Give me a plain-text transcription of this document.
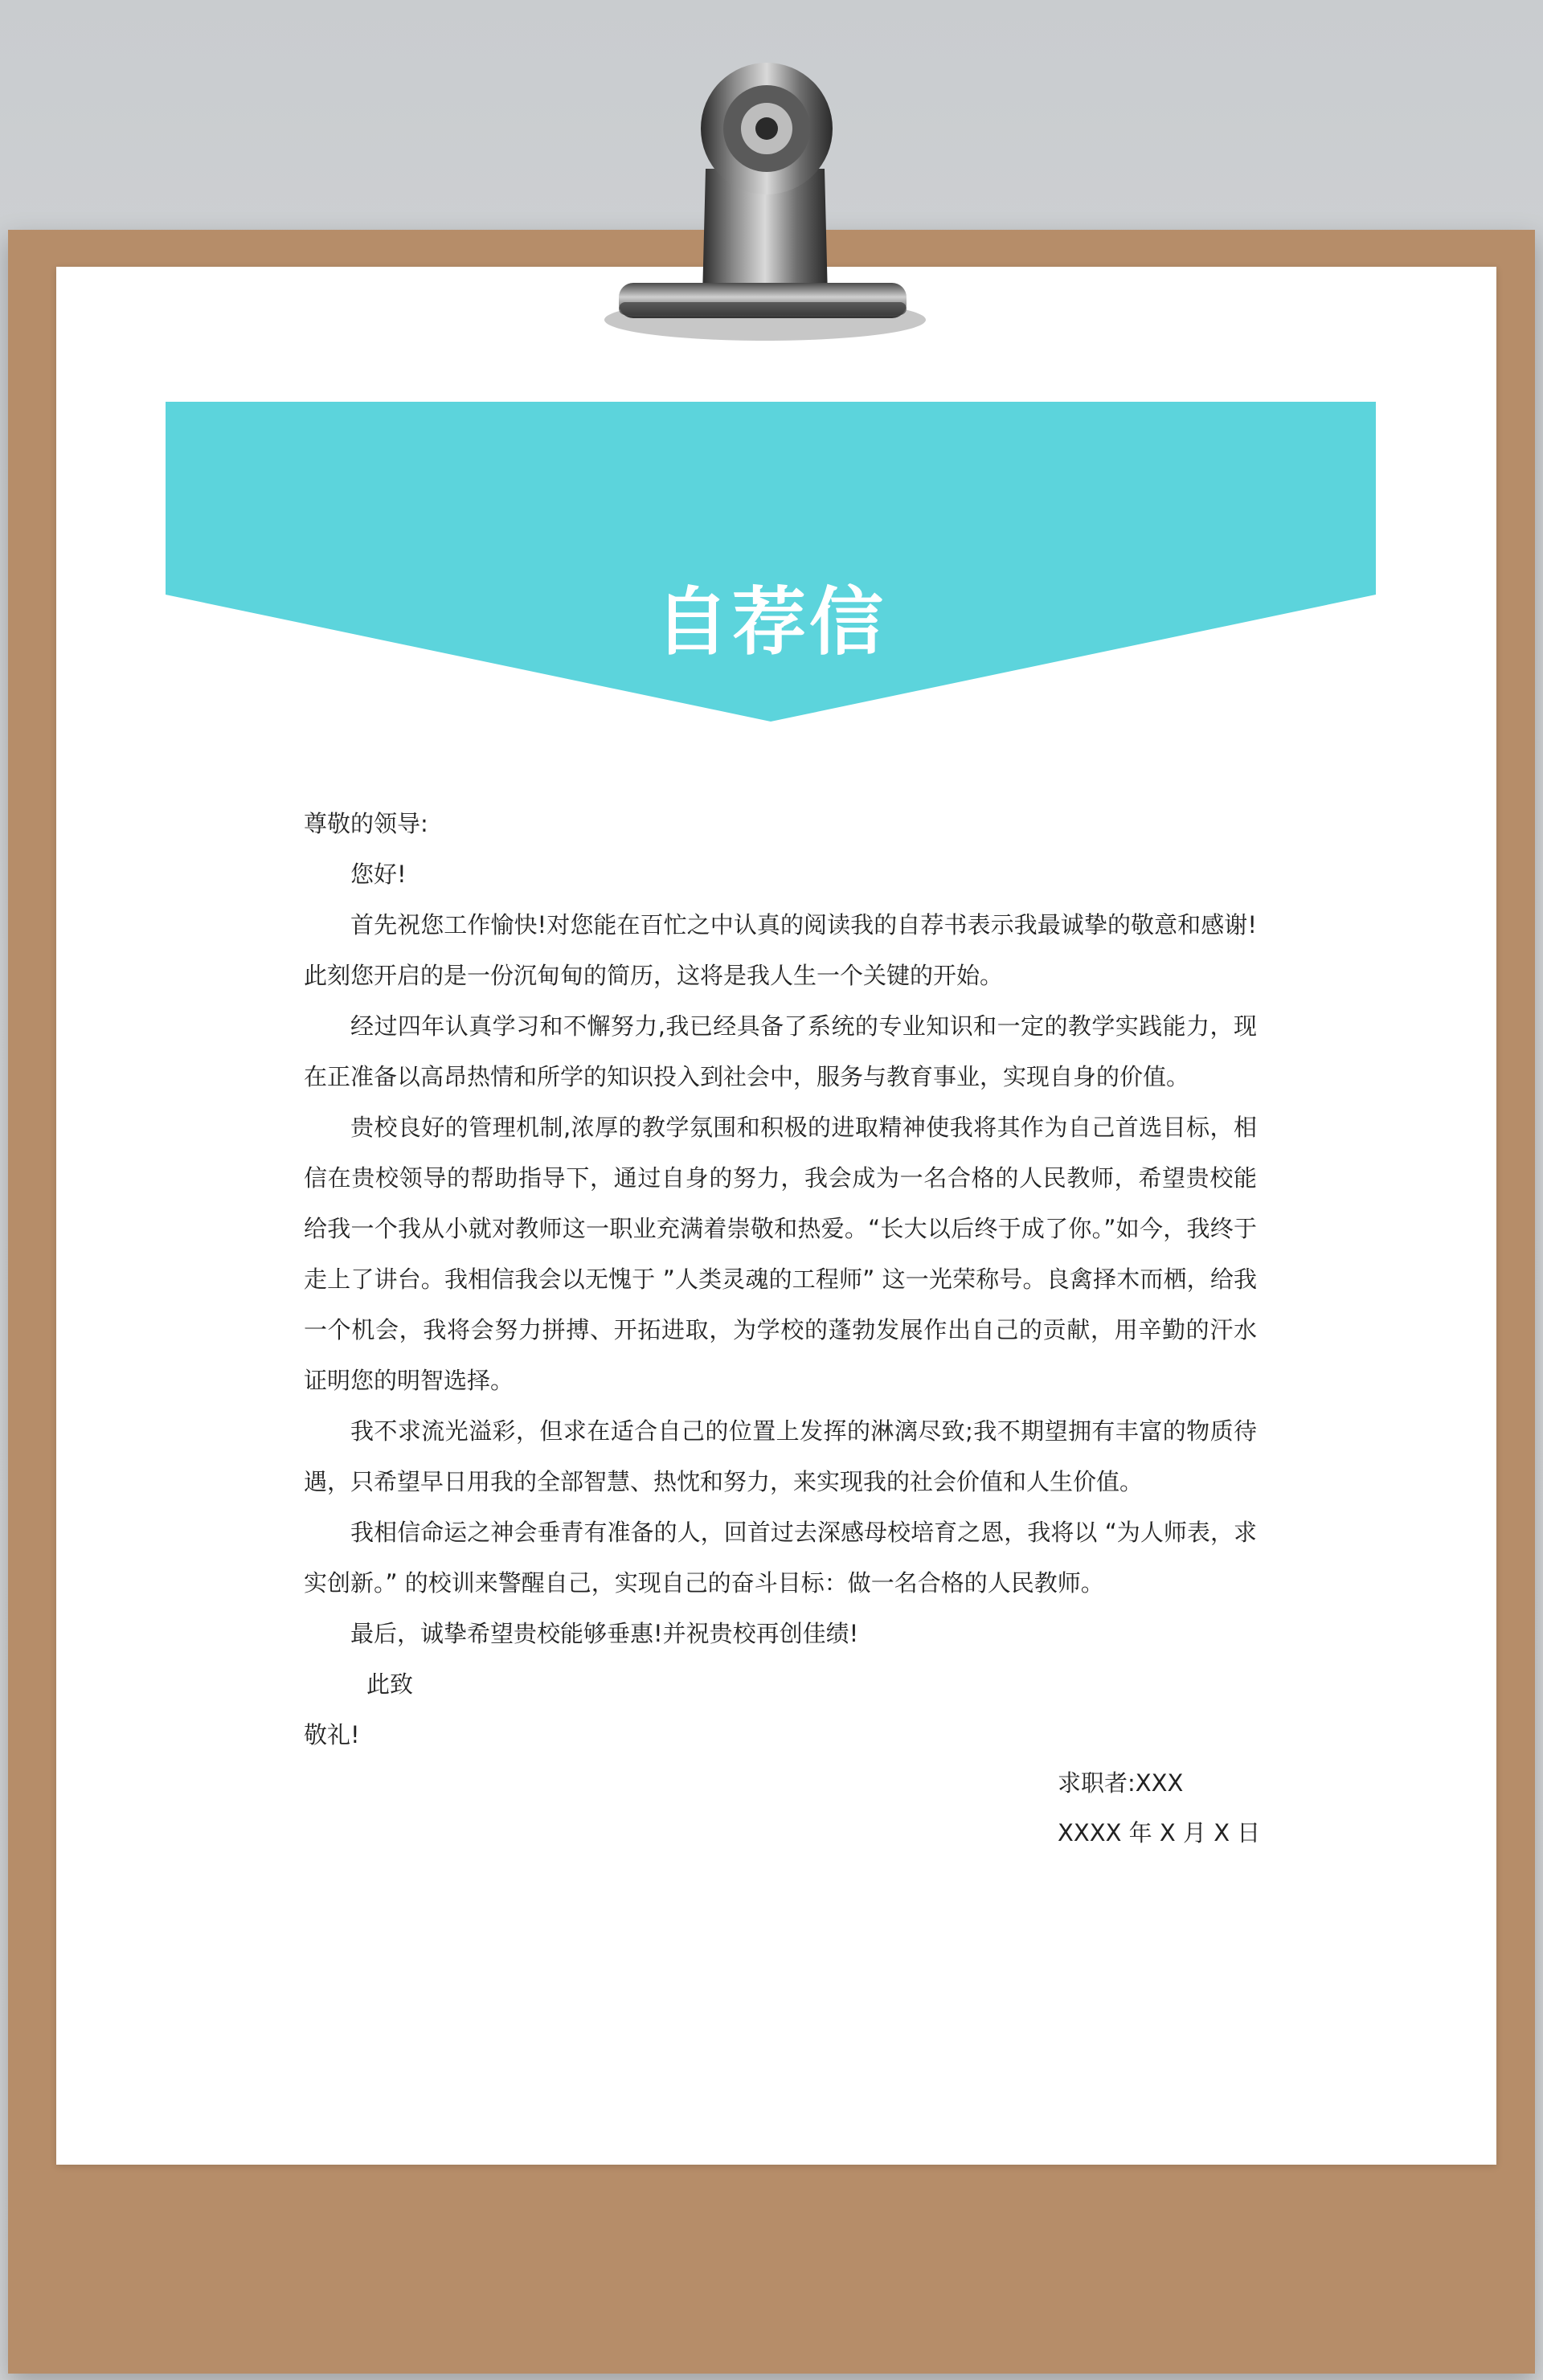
自荐信

尊敬的领导:

您好!

首先祝您工作愉快!对您能在百忙之中认真的阅读我的自荐书表示我最诚挚的敬意和感谢!此刻您开启的是一份沉甸甸的简历，这将是我人生一个关键的开始。

经过四年认真学习和不懈努力,我已经具备了系统的专业知识和一定的教学实践能力，现在正准备以高昂热情和所学的知识投入到社会中，服务与教育事业，实现自身的价值。

贵校良好的管理机制,浓厚的教学氛围和积极的进取精神使我将其作为自己首选目标，相信在贵校领导的帮助指导下，通过自身的努力，我会成为一名合格的人民教师，希望贵校能给我一个我从小就对教师这一职业充满着崇敬和热爱。“长大以后终于成了你。”如今，我终于走上了讲台。我相信我会以无愧于 ”人类灵魂的工程师” 这一光荣称号。良禽择木而栖，给我一个机会，我将会努力拼搏、开拓进取，为学校的蓬勃发展作出自己的贡献，用辛勤的汗水证明您的明智选择。

我不求流光溢彩，但求在适合自己的位置上发挥的淋漓尽致;我不期望拥有丰富的物质待遇，只希望早日用我的全部智慧、热忱和努力，来实现我的社会价值和人生价值。

我相信命运之神会垂青有准备的人，回首过去深感母校培育之恩，我将以 “为人师表，求实创新。” 的校训来警醒自己，实现自己的奋斗目标：做一名合格的人民教师。

最后，诚挚希望贵校能够垂惠!并祝贵校再创佳绩!

此致

敬礼!

求职者:XXX
XXXX 年 X 月 X 日
